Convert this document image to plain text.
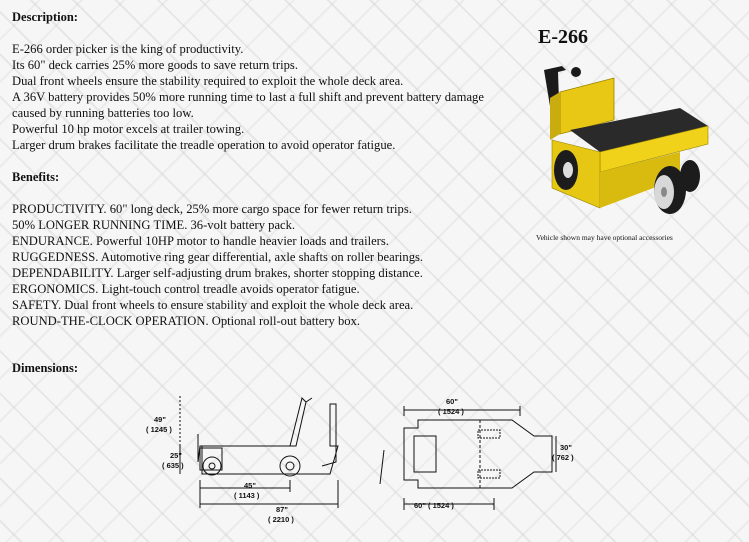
Description:
E-266 order picker is the king of productivity.
Its 60" deck carries 25% more goods to save return trips.
Dual front wheels ensure the stability required to exploit the whole deck area.
A 36V battery provides 50% more running time to last a full shift and prevent battery damage
caused by running batteries too low.
Powerful 10 hp motor excels at trailer towing.
Larger drum brakes facilitate the treadle operation to avoid operator fatigue.
Benefits:
PRODUCTIVITY. 60" long deck, 25% more cargo space for fewer return trips.
50% LONGER RUNNING TIME. 36-volt battery pack.
ENDURANCE. Powerful 10HP motor to handle heavier loads and trailers.
RUGGEDNESS. Automotive ring gear differential, axle shafts on roller bearings.
DEPENDABILITY. Larger self-adjusting drum brakes, shorter stopping distance.
ERGONOMICS. Light-touch control treadle avoids operator fatigue.
SAFETY. Dual front wheels to ensure stability and exploit the whole deck area.
ROUND-THE-CLOCK OPERATION. Optional roll-out battery box.
Dimensions:
E-266
Vehicle shown may have optional accessories
49"
( 1245 )
25"
( 635 )
45"
( 1143 )
87"
( 2210 )
60"
( 1524 )
30"
( 762 )
60" ( 1524 )
